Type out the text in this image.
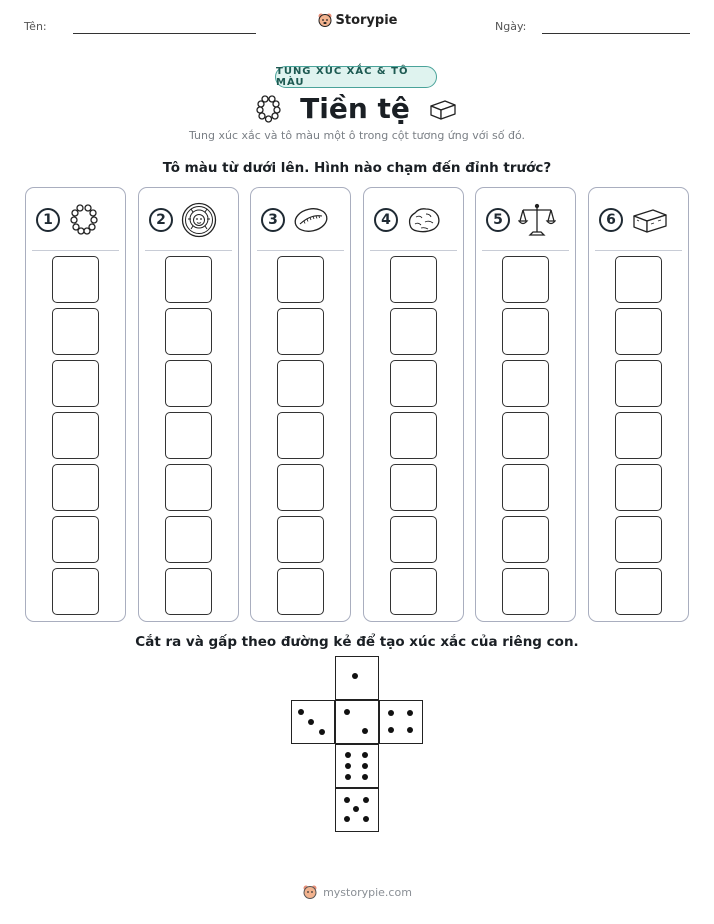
Tên:	Storypie	Ngày:
TUNG XÚC XẮC & TÔ MÀU
Tiền tệ
Tung xúc xắc và tô màu một ô trong cột tương ứng với số đó.
Tô màu từ dưới lên. Hình nào chạm đến đỉnh trước?
1	2	3	4	5	6
Cắt ra và gấp theo đường kẻ để tạo xúc xắc của riêng con.
mystorypie.com
